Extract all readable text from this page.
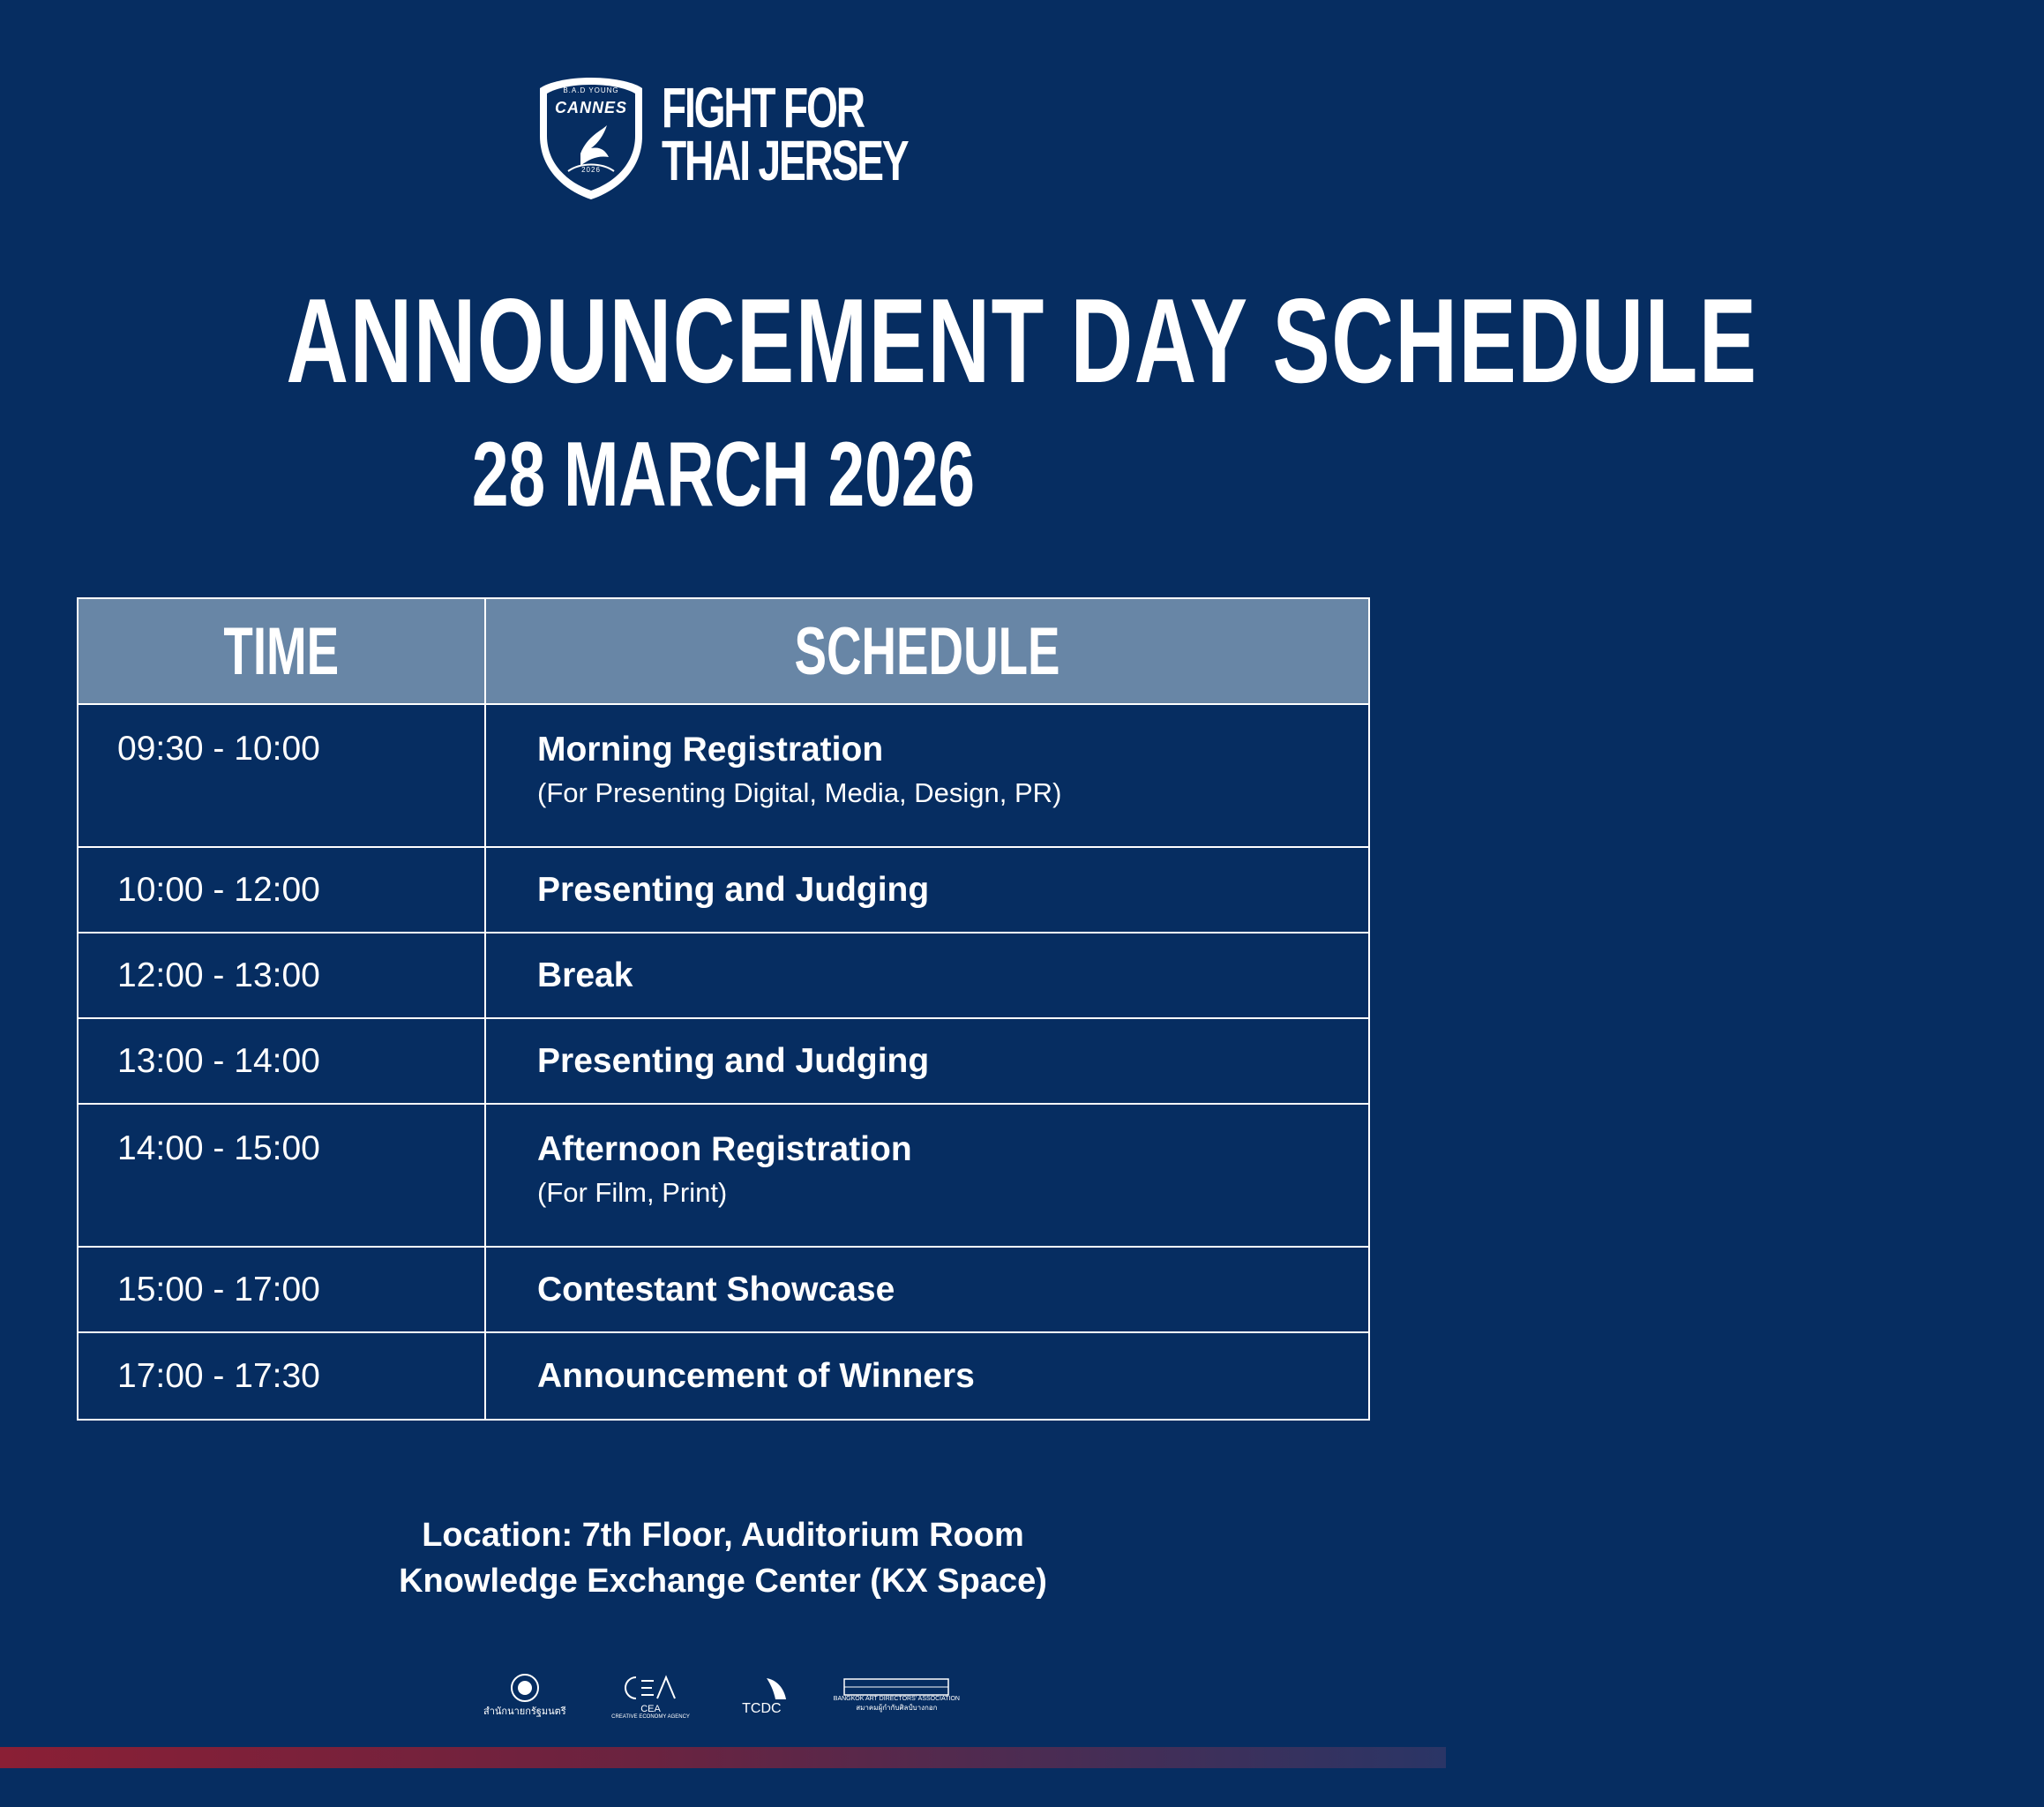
B.A.D YOUNG
CANNES
2026
FIGHT FOR
THAI JERSEY
ANNOUNCEMENT DAY SCHEDULE
28 MARCH 2026
TIME	SCHEDULE
09:30 - 10:00	Morning Registration
(For Presenting Digital, Media, Design, PR)
10:00 - 12:00	Presenting and Judging
12:00 - 13:00	Break
13:00 - 14:00	Presenting and Judging
14:00 - 15:00	Afternoon Registration
(For Film, Print)
15:00 - 17:00	Contestant Showcase
17:00 - 17:30	Announcement of Winners
Location: 7th Floor, Auditorium Room
Knowledge Exchange Center (KX Space)
สำนักนายกรัฐมนตรี	CEA
CREATIVE ECONOMY AGENCY
TCDC
BANGKOK ART DIRECTORS' ASSOCIATION
สมาคมผู้กำกับศิลป์บางกอก
